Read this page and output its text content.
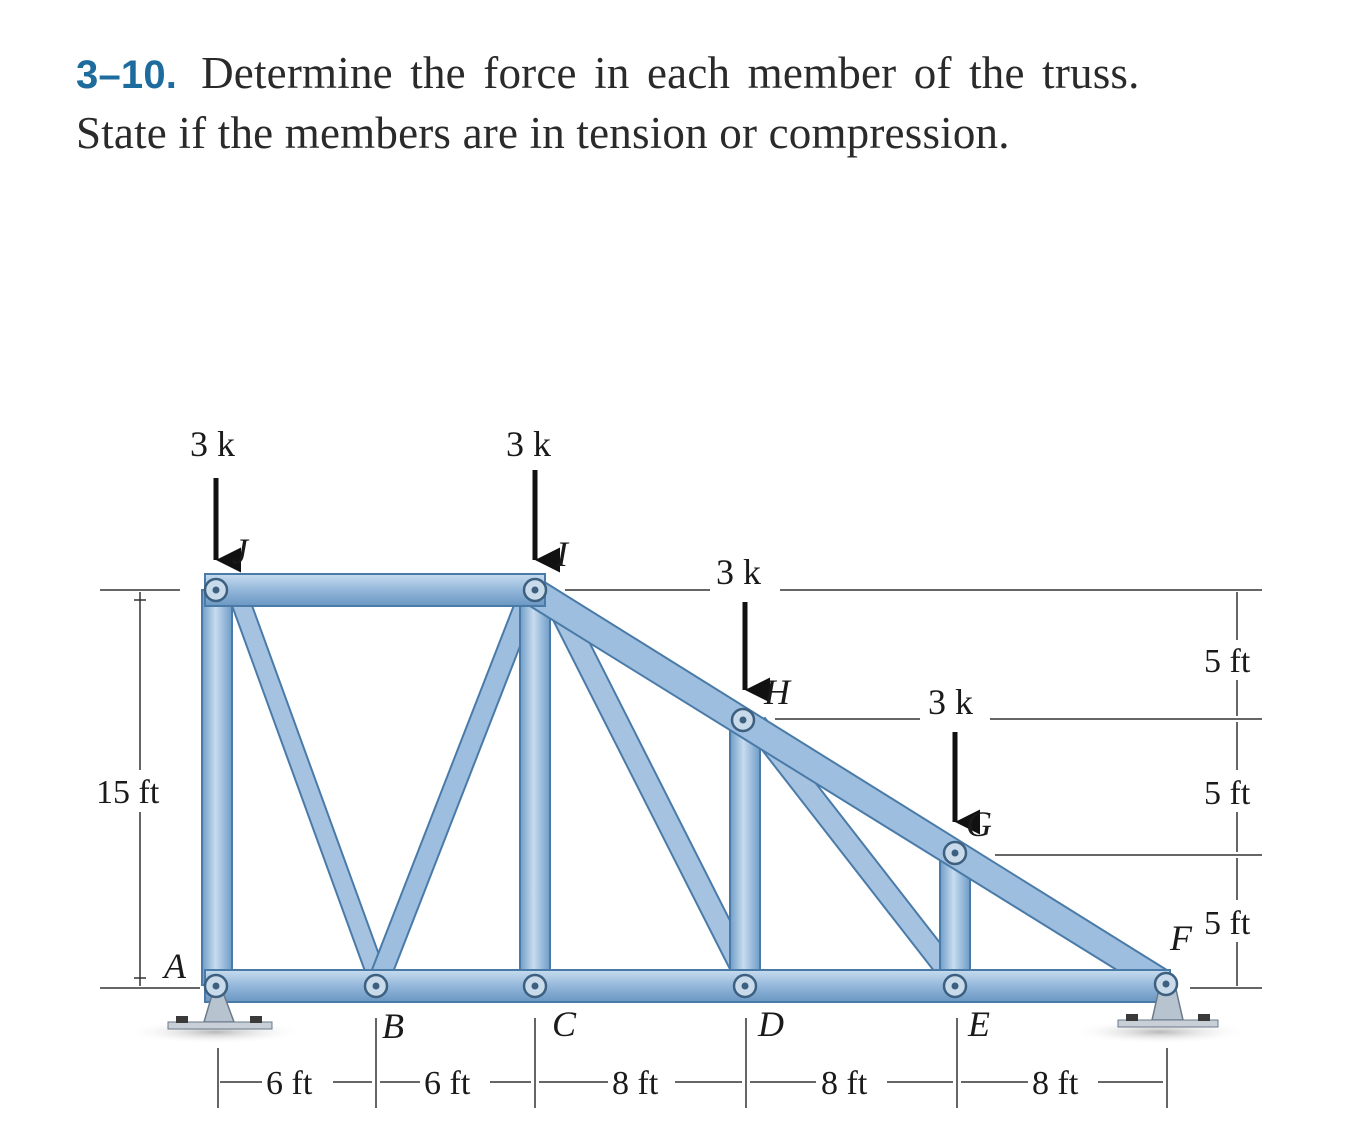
3–10. Determine the force in each member of the truss.
State if the members are in tension or compression.
3 k	3 k
3 k
3 k
J	I
H
G
A
B	C	D	E
F
15 ft
5 ft
5 ft
5 ft
6 ft	6 ft	8 ft	8 ft	8 ft
